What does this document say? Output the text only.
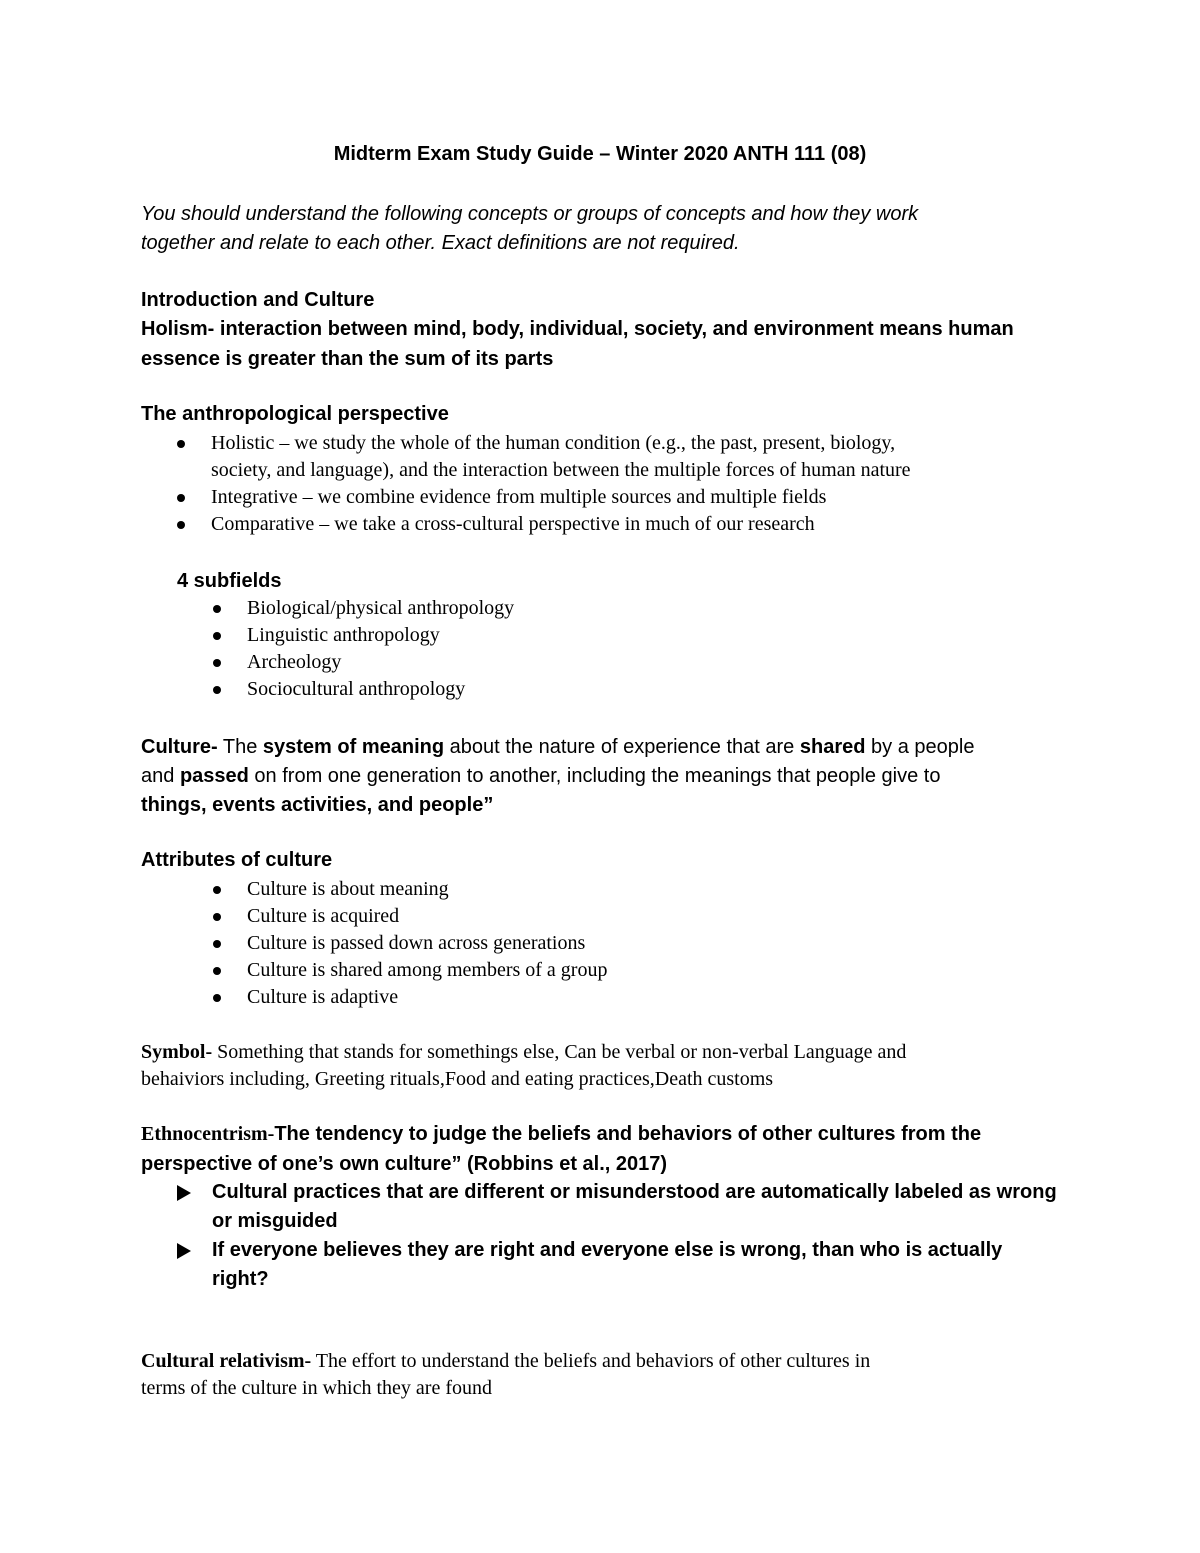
Midterm Exam Study Guide – Winter 2020 ANTH 111 (08)

You should understand the following concepts or groups of concepts and how they work

together and relate to each other. Exact definitions are not required.

Introduction and Culture

Holism- interaction between mind, body, individual, society, and environment means human

essence is greater than the sum of its parts

The anthropological perspective

Holistic – we study the whole of the human condition (e.g., the past, present, biology,
society, and language), and the interaction between the multiple forces of human nature
Integrative – we combine evidence from multiple sources and multiple fields
Comparative – we take a cross-cultural perspective in much of our research

4 subfields

Biological/physical anthropology
Linguistic anthropology
Archeology
Sociocultural anthropology

Culture- The system of meaning about the nature of experience that are shared by a people

and passed on from one generation to another, including the meanings that people give to

things, events activities, and people”

Attributes of culture

Culture is about meaning
Culture is acquired
Culture is passed down across generations
Culture is shared among members of a group
Culture is adaptive

Symbol- Something that stands for somethings else, Can be verbal or non-verbal Language and

behaiviors including, Greeting rituals,Food and eating practices,Death customs

Ethnocentrism-The tendency to judge the beliefs and behaviors of other cultures from the

perspective of one’s own culture” (Robbins et al., 2017)

Cultural practices that are different or misunderstood are automatically labeled as wrong
or misguided
If everyone believes they are right and everyone else is wrong, than who is actually
right?

Cultural relativism- The effort to understand the beliefs and behaviors of other cultures in

terms of the culture in which they are found
